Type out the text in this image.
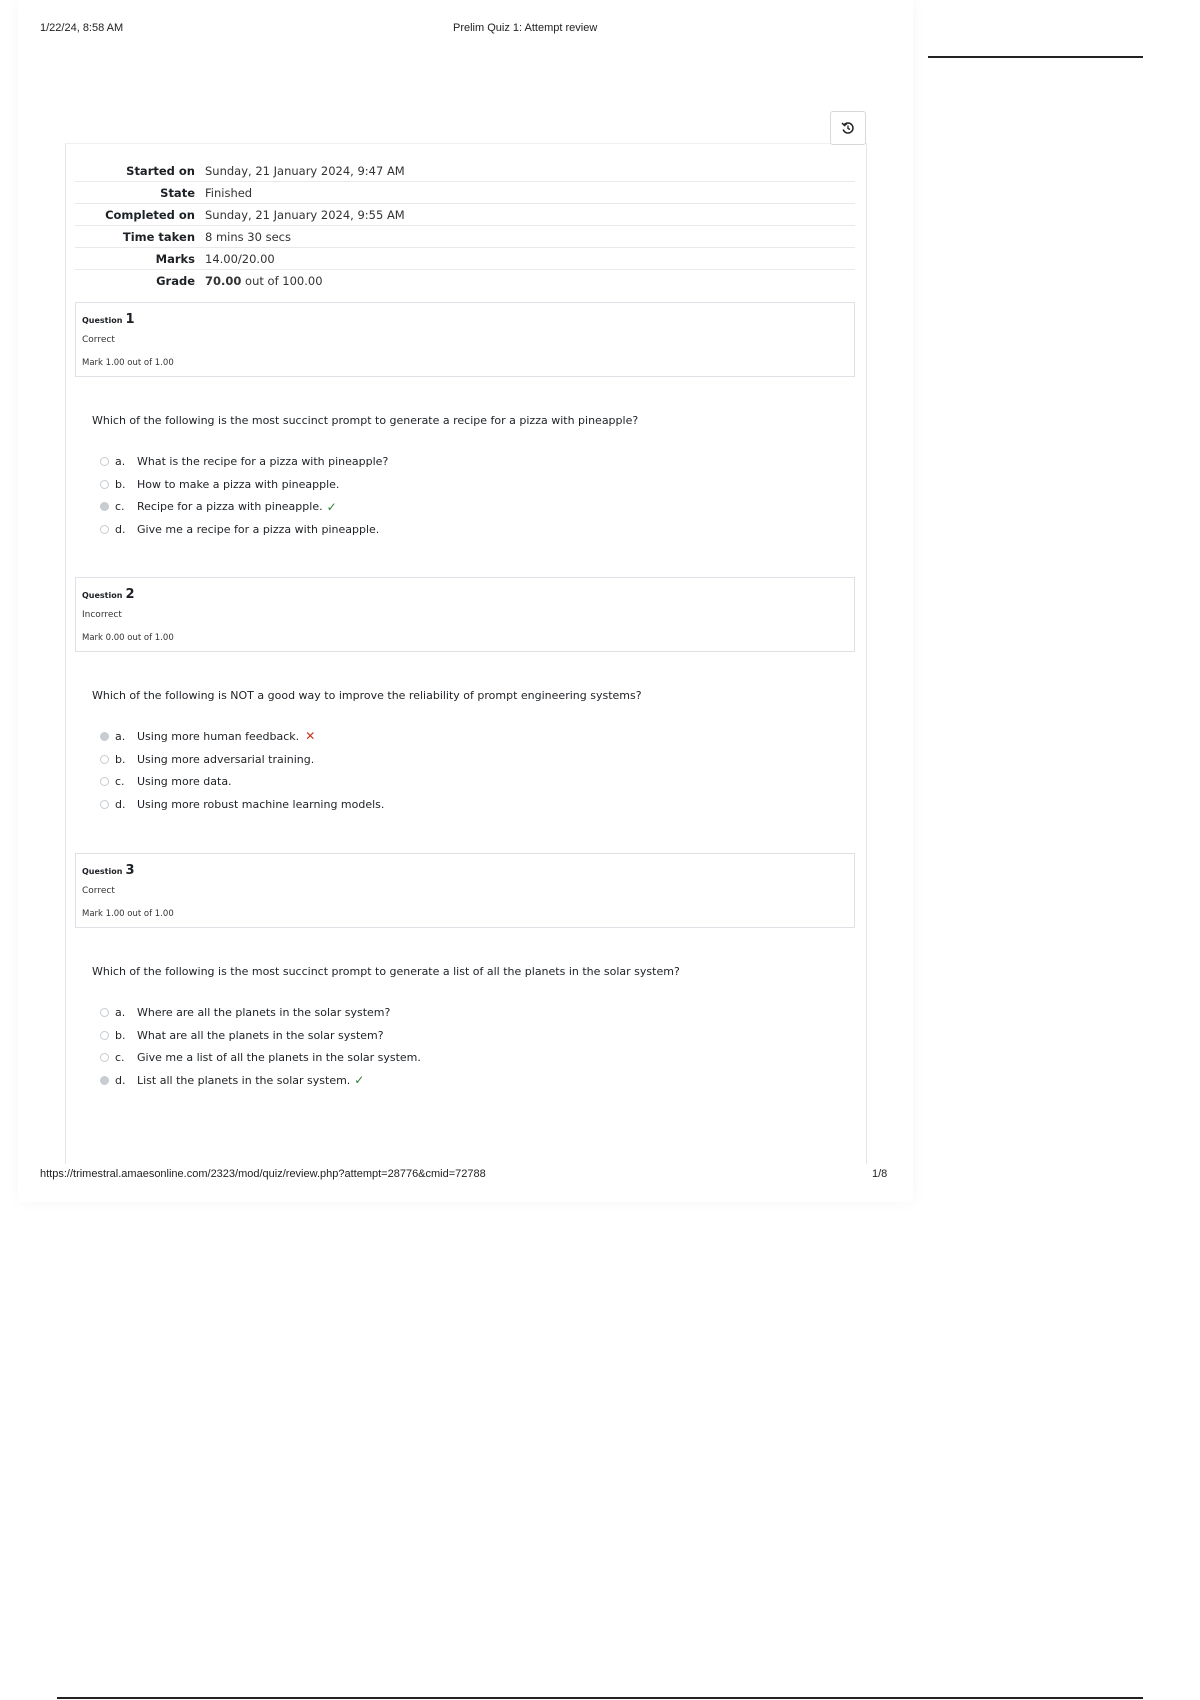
1/22/24, 8:58 AM	Prelim Quiz 1: Attempt review
Started on	Sunday, 21 January 2024, 9:47 AM
State	Finished
Completed on	Sunday, 21 January 2024, 9:55 AM
Time taken	8 mins 30 secs
Marks	14.00/20.00
Grade	70.00 out of 100.00
Question 1
Correct
Mark 1.00 out of 1.00
Which of the following is the most succinct prompt to generate a recipe for a pizza with pineapple?
a.	What is the recipe for a pizza with pineapple?
b.	How to make a pizza with pineapple.
c.	Recipe for a pizza with pineapple. ✓
d.	Give me a recipe for a pizza with pineapple.
Question 2
Incorrect
Mark 0.00 out of 1.00
Which of the following is NOT a good way to improve the reliability of prompt engineering systems?
a.	Using more human feedback. ✕
b.	Using more adversarial training.
c.	Using more data.
d.	Using more robust machine learning models.
Question 3
Correct
Mark 1.00 out of 1.00
Which of the following is the most succinct prompt to generate a list of all the planets in the solar system?
a.	Where are all the planets in the solar system?
b.	What are all the planets in the solar system?
c.	Give me a list of all the planets in the solar system.
d.	List all the planets in the solar system. ✓
https://trimestral.amaesonline.com/2323/mod/quiz/review.php?attempt=28776&cmid=72788	1/8
